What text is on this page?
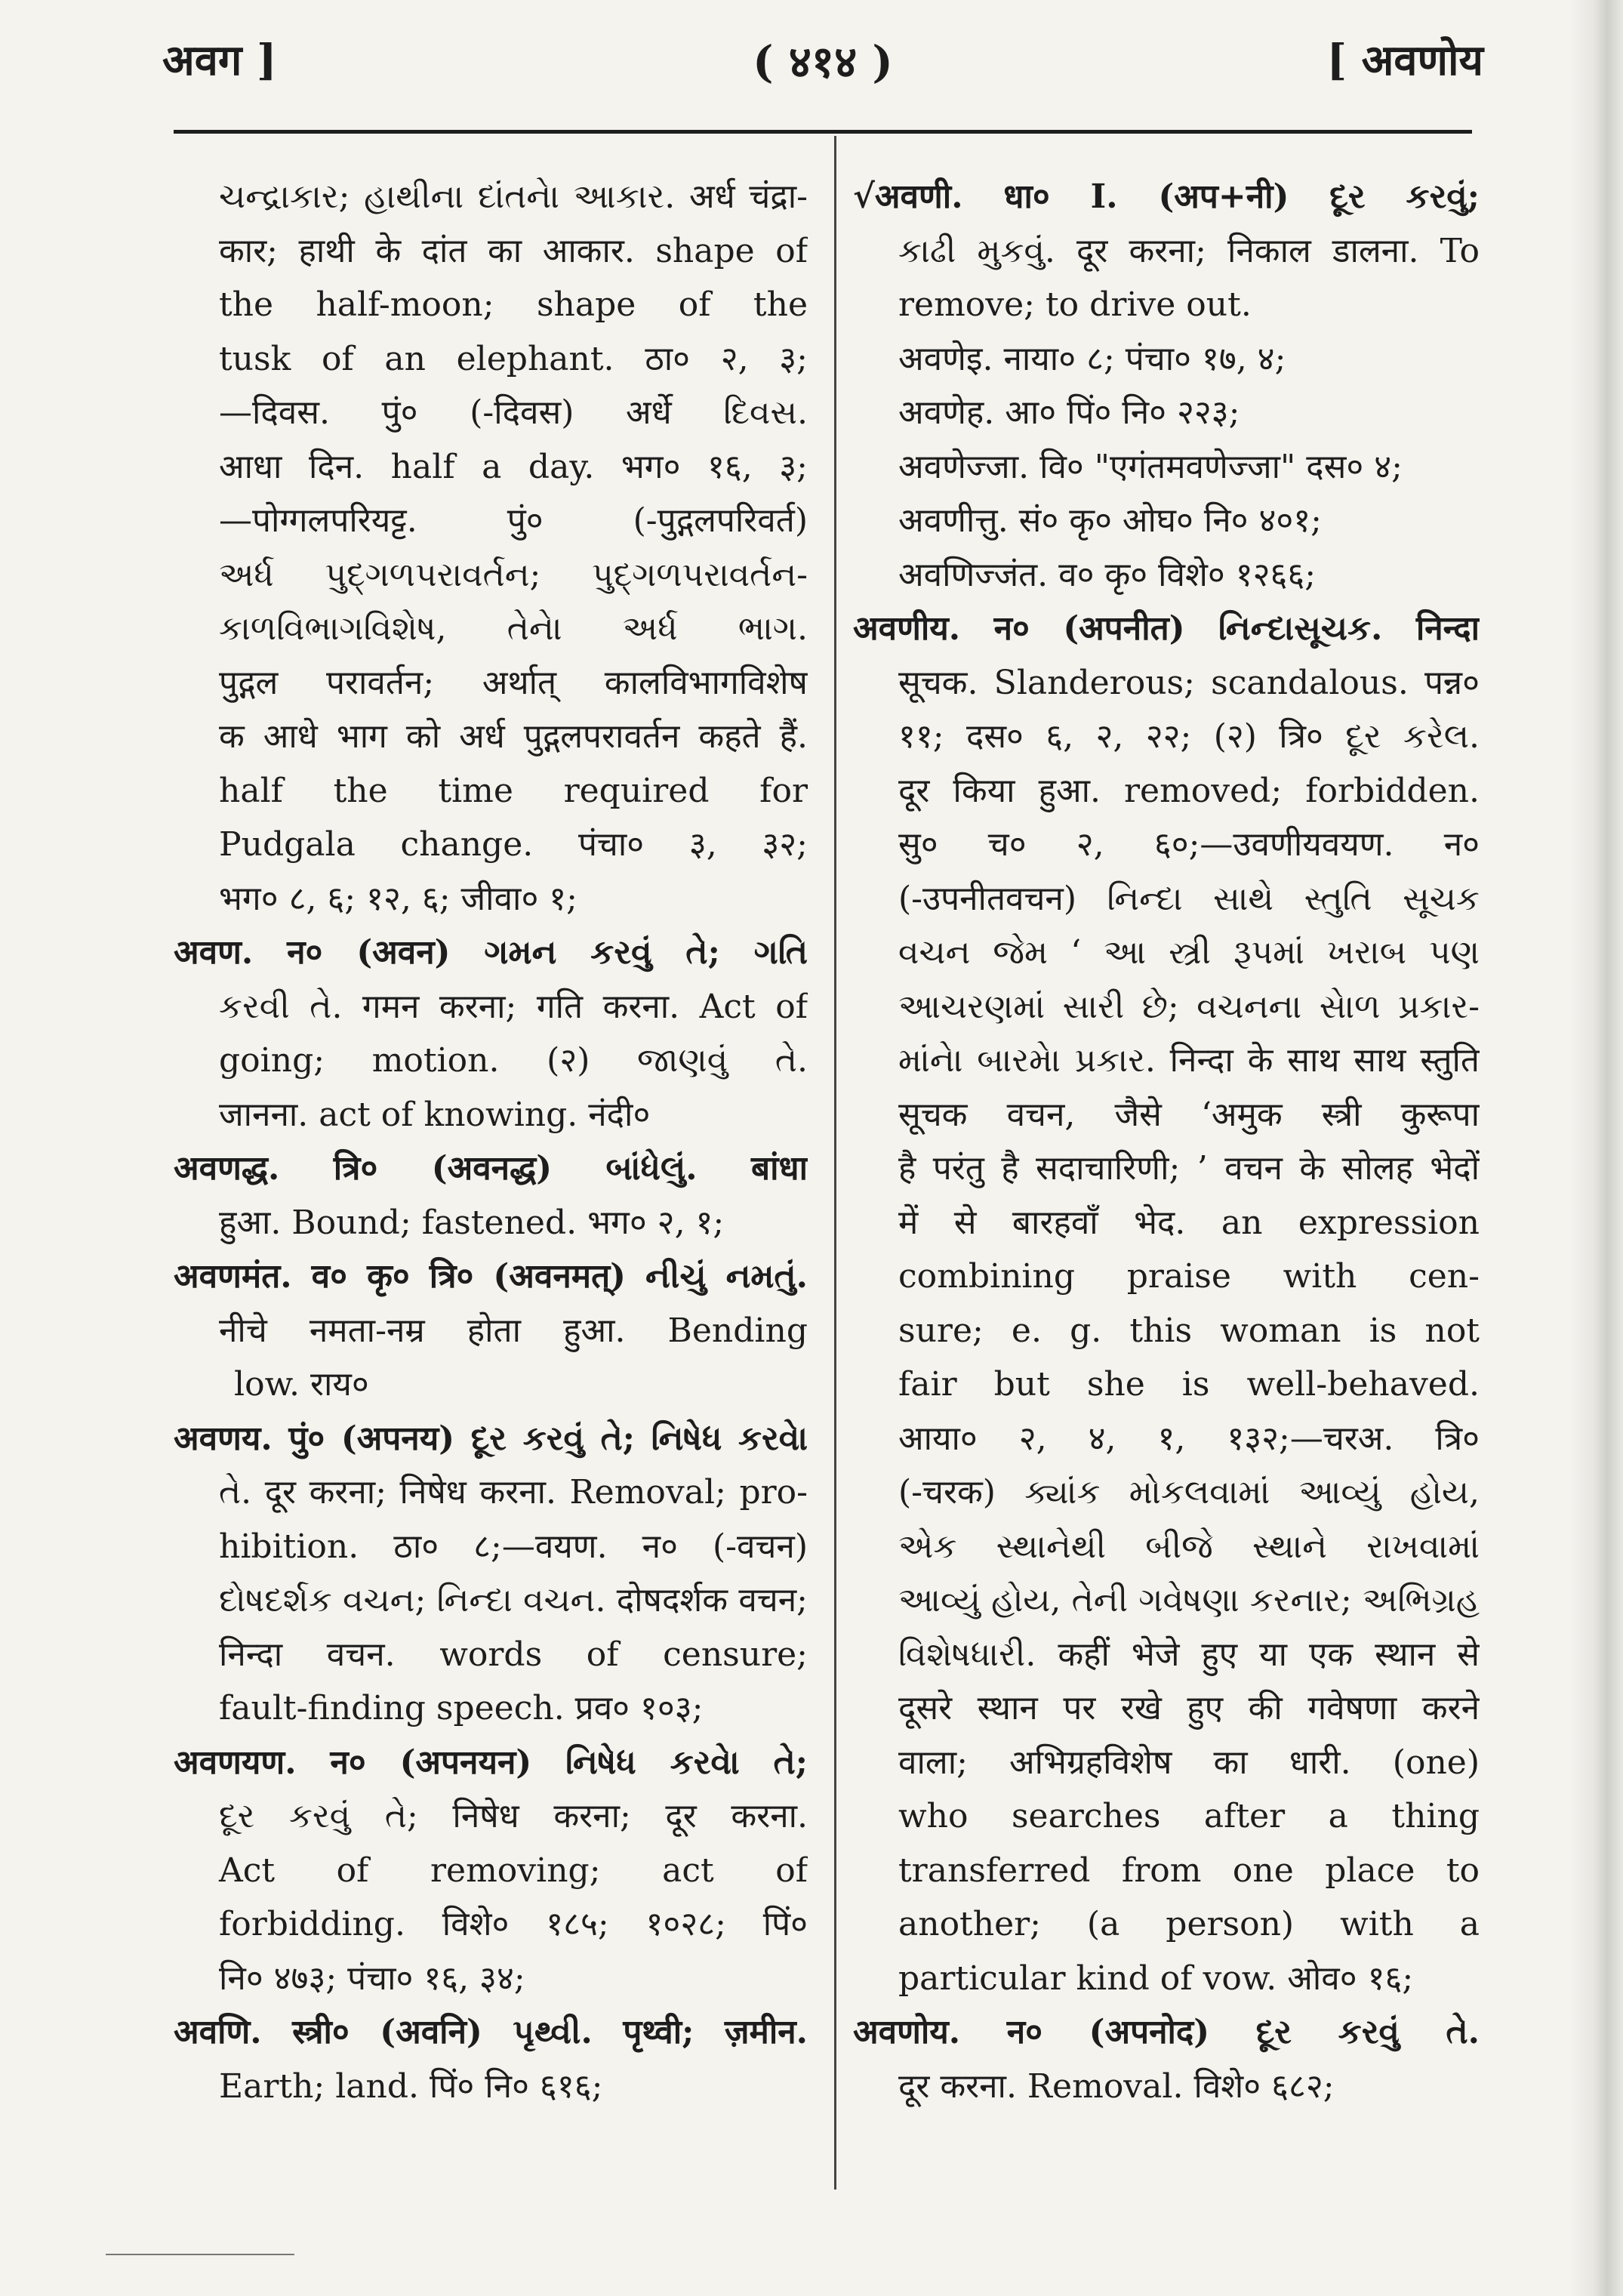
अवग ]	( ४१४ )	[ अवणोय
ચન્દ્રાકાર; હાથીના દાંતનેા આકાર. अर्ध चंद्रा-
कार; हाथी के दांत का आकार. shape of
the half-moon; shape of the
tusk of an elephant. ठा० २, ३;
—दिवस. पुं० (-दिवस) अर्धे દિવસ.
आधा दिन. half a day. भग० १६, ३;
—पोग्गलपरियट्ट. पुं० (-पुद्गलपरिवर्त)
અર્ધ પુદ્ગળપરાવર્તન; પુદ્ગળપરાવર્તન-
કાળવિભાગવિશેષ, તેનેા અર્ધ ભાગ.
पुद्गल परावर्तन; अर्थात् कालविभागविशेष
क आधे भाग को अर्ध पुद्गलपरावर्तन कहते हैं.
half the time required for
Pudgala change. पंचा० ३, ३२;
भग० ८, ६; १२, ६; जीवा० १;
अवण. न० (अवन) ગમન કરવું તે; ગતિ
કરવી તે. गमन करना; गति करना. Act of
going; motion. (२) જાણવું તે.
जानना. act of knowing. नंदी०
अवणद्ध. त्रि० (अवनद्ध) બાંધેલું. बांधा
हुआ. Bound; fastened. भग० २, १;
अवणमंत. व० कृ० त्रि० (अवनमत्) નીચું નમતું.
नीचे नमता-नम्र होता हुआ. Bending
low. राय०
अवणय. पुं० (अपनय) દૂર કરવું તે; નિષેધ કરવેા
તે. दूर करना; निषेध करना. Removal; pro-
hibition. ठा० ८;—वयण. न० (-वचन)
દોષદર્શક વચન; નિન્દા વચન. दोषदर्शक वचन;
निन्दा वचन. words of censure;
fault-finding speech. प्रव० १०३;
अवणयण. न० (अपनयन) નિષેધ કરવેા તે;
દૂર કરવું તે; निषेध करना; दूर करना.
Act of removing; act of
forbidding. विशे० १८५; १०२८; पिं०
नि० ४७३; पंचा० १६, ३४;
अवणि. स्त्री० (अवनि) પૃથ્વી. पृथ्वी; ज़मीन.
Earth; land. पिं० नि० ६१६;
√अवणी. धा० I. (अप+नी) દૂર કરવું;
કાઢી મુકવું. दूर करना; निकाल डालना. To
remove; to drive out.
अवणेइ. नाया० ८; पंचा० १७, ४;
अवणेह. आ० पिं० नि० २२३;
अवणेज्जा. वि० "एगंतमवणेज्जा" दस० ४;
अवणीत्तु. सं० कृ० ओघ० नि० ४०१;
अवणिज्जंत. व० कृ० विशे० १२६६;
अवणीय. न० (अपनीत) નિન્દાસૂચક. निन्दा
सूचक. Slanderous; scandalous. पन्न०
११; दस० ६, २, २२; (२) त्रि० દૂર કરેલ.
दूर किया हुआ. removed; forbidden.
सु० च० २, ६०;—उवणीयवयण. न०
(-उपनीतवचन) નિન્દા સાથે સ્તુતિ સૂચક
વચન જેમ ‘ આ સ્ત્રી રૂપમાં ખરાબ પણ
આચરણમાં સારી છે; વચનના સેાળ પ્રકાર-
માંનેા બારમેા પ્રકાર. निन्दा के साथ साथ स्तुति
सूचक वचन, जैसे ‘अमुक स्त्री कुरूपा
है परंतु है सदाचारिणी; ’ वचन के सोलह भेदों
में से बारहवाँ भेद. an expression
combining praise with cen-
sure; e. g. this woman is not
fair but she is well-behaved.
आया० २, ४, १, १३२;—चरअ. त्रि०
(-चरक) ક્યાંક મોકલવામાં આવ્યું હોય,
એક સ્થાનેથી બીજે સ્થાને રાખવામાં
આવ્યું હોય, તેની ગવેષણા કરનાર; અભિગ્રહ
વિશેષધારી. कहीं भेजे हुए या एक स्थान से
दूसरे स्थान पर रखे हुए की गवेषणा करने
वाला; अभिग्रहविशेष का धारी. (one)
who searches after a thing
transferred from one place to
another; (a person) with a
particular kind of vow. ओव० १६;
अवणोय. न० (अपनोद) દૂર કરવું તે.
दूर करना. Removal. विशे० ६८२;
